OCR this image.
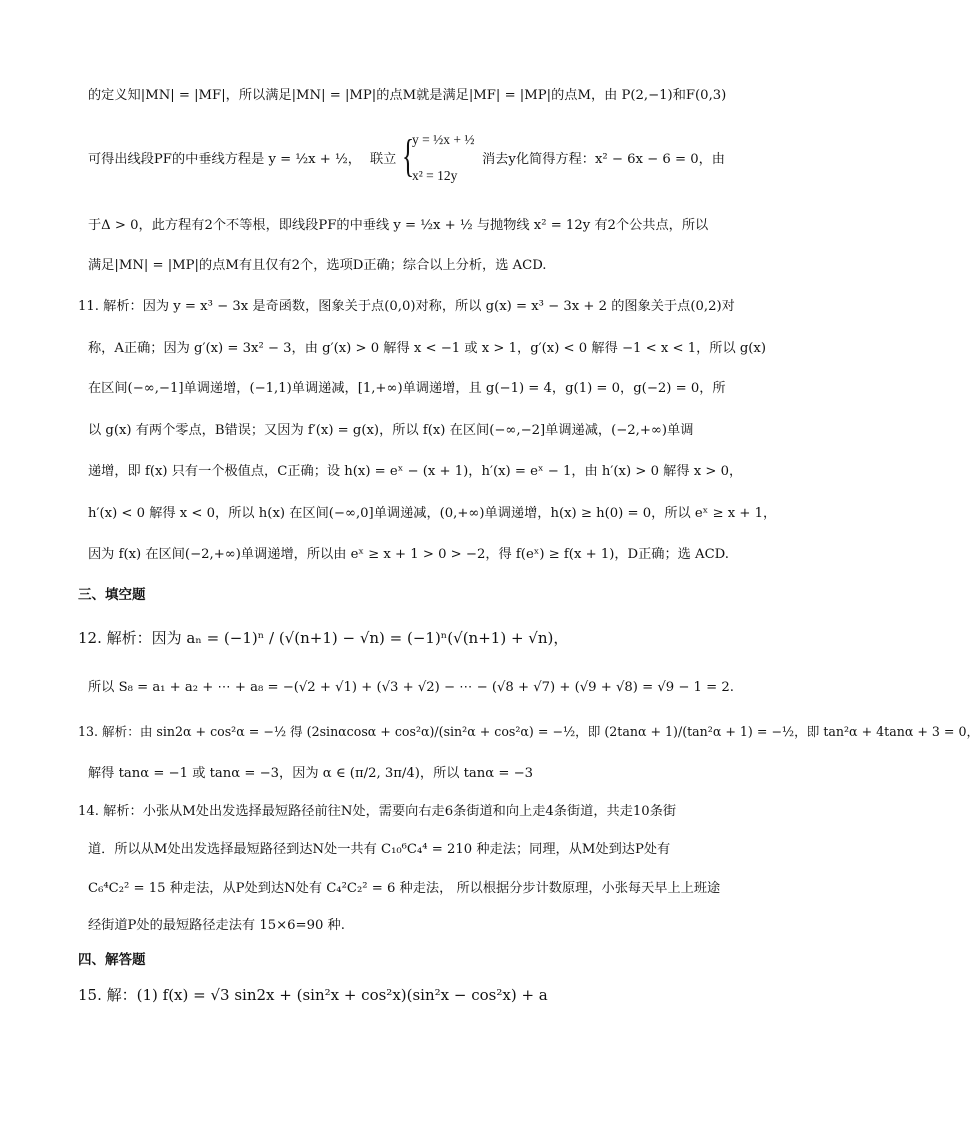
的定义知|MN| = |MF|，所以满足|MN| = |MP|的点M就是满足|MF| = |MP|的点M，由 P(2,−1)和F(0,3)
可得出线段PF的中垂线方程是 y = ½x + ½， 联立 {
y = ½x + ½
x² = 12y
消去y化简得方程：x² − 6x − 6 = 0，由
于Δ > 0，此方程有2个不等根，即线段PF的中垂线 y = ½x + ½ 与抛物线 x² = 12y 有2个公共点，所以
满足|MN| = |MP|的点M有且仅有2个，选项D正确；综合以上分析，选 ACD.
11. 解析：因为 y = x³ − 3x 是奇函数，图象关于点(0,0)对称，所以 g(x) = x³ − 3x + 2 的图象关于点(0,2)对
称，A正确；因为 g′(x) = 3x² − 3，由 g′(x) > 0 解得 x < −1 或 x > 1，g′(x) < 0 解得 −1 < x < 1，所以 g(x)
在区间(−∞,−1]单调递增，(−1,1)单调递减，[1,+∞)单调递增，且 g(−1) = 4，g(1) = 0，g(−2) = 0，所
以 g(x) 有两个零点，B错误；又因为 f′(x) = g(x)，所以 f(x) 在区间(−∞,−2]单调递减，(−2,+∞)单调
递增，即 f(x) 只有一个极值点，C正确；设 h(x) = eˣ − (x + 1)，h′(x) = eˣ − 1，由 h′(x) > 0 解得 x > 0，
h′(x) < 0 解得 x < 0，所以 h(x) 在区间(−∞,0]单调递减，(0,+∞)单调递增，h(x) ≥ h(0) = 0，所以 eˣ ≥ x + 1，
因为 f(x) 在区间(−2,+∞)单调递增，所以由 eˣ ≥ x + 1 > 0 > −2，得 f(eˣ) ≥ f(x + 1)，D正确；选 ACD.
三、填空题
12. 解析：因为 aₙ = (−1)ⁿ / (√(n+1) − √n) = (−1)ⁿ(√(n+1) + √n)，
所以 S₈ = a₁ + a₂ + ⋯ + a₈ = −(√2 + √1) + (√3 + √2) − ⋯ − (√8 + √7) + (√9 + √8) = √9 − 1 = 2.
13. 解析：由 sin2α + cos²α = −½ 得 (2sinαcosα + cos²α)/(sin²α + cos²α) = −½，即 (2tanα + 1)/(tan²α + 1) = −½，即 tan²α + 4tanα + 3 = 0，
解得 tanα = −1 或 tanα = −3，因为 α ∈ (π/2, 3π/4)，所以 tanα = −3
14. 解析：小张从M处出发选择最短路径前往N处，需要向右走6条街道和向上走4条街道，共走10条街
道．所以从M处出发选择最短路径到达N处一共有 C₁₀⁶C₄⁴ = 210 种走法；同理，从M处到达P处有
C₆⁴C₂² = 15 种走法，从P处到达N处有 C₄²C₂² = 6 种走法， 所以根据分步计数原理，小张每天早上上班途
经街道P处的最短路径走法有 15×6=90 种.
四、解答题
15. 解：(1) f(x) = √3 sin2x + (sin²x + cos²x)(sin²x − cos²x) + a
